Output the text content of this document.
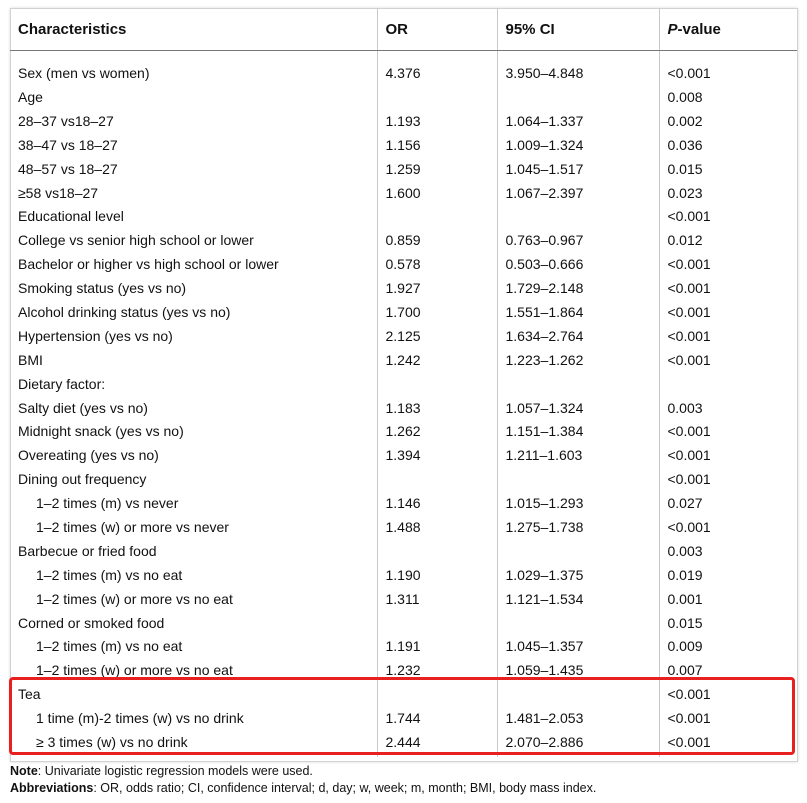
Characteristics	OR	95% CI	P-value
Sex (men vs women)	4.376	3.950–4.848	<0.001
Age			0.008
28–37 vs18–27	1.193	1.064–1.337	0.002
38–47 vs 18–27	1.156	1.009–1.324	0.036
48–57 vs 18–27	1.259	1.045–1.517	0.015
≥58 vs18–27	1.600	1.067–2.397	0.023
Educational level			<0.001
College vs senior high school or lower	0.859	0.763–0.967	0.012
Bachelor or higher vs high school or lower	0.578	0.503–0.666	<0.001
Smoking status (yes vs no)	1.927	1.729–2.148	<0.001
Alcohol drinking status (yes vs no)	1.700	1.551–1.864	<0.001
Hypertension (yes vs no)	2.125	1.634–2.764	<0.001
BMI	1.242	1.223–1.262	<0.001
Dietary factor:			
Salty diet (yes vs no)	1.183	1.057–1.324	0.003
Midnight snack (yes vs no)	1.262	1.151–1.384	<0.001
Overeating (yes vs no)	1.394	1.211–1.603	<0.001
Dining out frequency			<0.001
1–2 times (m) vs never	1.146	1.015–1.293	0.027
1–2 times (w) or more vs never	1.488	1.275–1.738	<0.001
Barbecue or fried food			0.003
1–2 times (m) vs no eat	1.190	1.029–1.375	0.019
1–2 times (w) or more vs no eat	1.311	1.121–1.534	0.001
Corned or smoked food			0.015
1–2 times (m) vs no eat	1.191	1.045–1.357	0.009
1–2 times (w) or more vs no eat	1.232	1.059–1.435	0.007
Tea			<0.001
1 time (m)-2 times (w) vs no drink	1.744	1.481–2.053	<0.001
≥ 3 times (w) vs no drink	2.444	2.070–2.886	<0.001
Note: Univariate logistic regression models were used.
Abbreviations: OR, odds ratio; CI, confidence interval; d, day; w, week; m, month; BMI, body mass index.
